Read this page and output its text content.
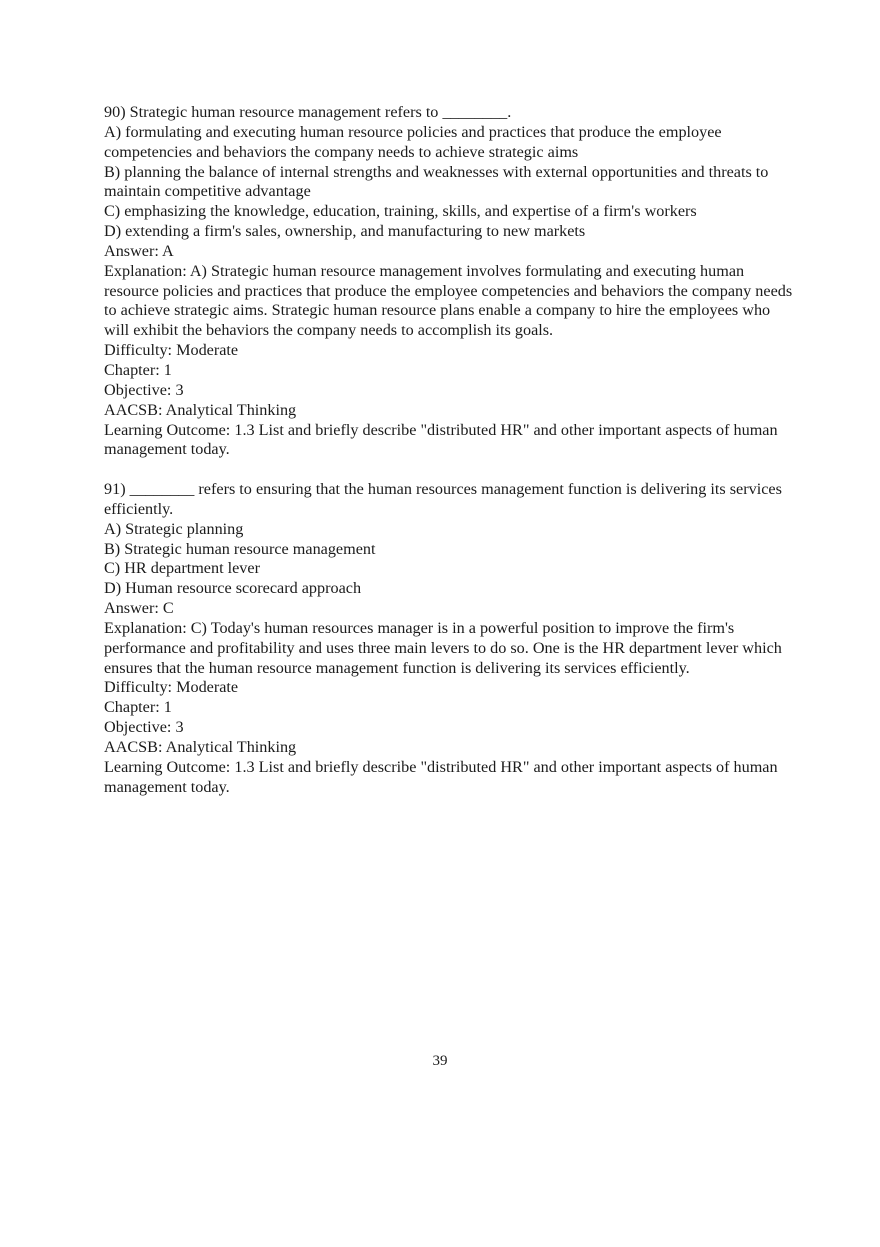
90) Strategic human resource management refers to ________.

A) formulating and executing human resource policies and practices that produce the employee competencies and behaviors the company needs to achieve strategic aims

B) planning the balance of internal strengths and weaknesses with external opportunities and threats to maintain competitive advantage

C) emphasizing the knowledge, education, training, skills, and expertise of a firm's workers

D) extending a firm's sales, ownership, and manufacturing to new markets

Answer: A

Explanation: A) Strategic human resource management involves formulating and executing human resource policies and practices that produce the employee competencies and behaviors the company needs to achieve strategic aims. Strategic human resource plans enable a company to hire the employees who will exhibit the behaviors the company needs to accomplish its goals.

Difficulty: Moderate

Chapter: 1

Objective: 3

AACSB: Analytical Thinking

Learning Outcome: 1.3 List and briefly describe "distributed HR" and other important aspects of human management today.

91) ________ refers to ensuring that the human resources management function is delivering its services efficiently.

A) Strategic planning

B) Strategic human resource management

C) HR department lever

D) Human resource scorecard approach

Answer: C

Explanation: C) Today's human resources manager is in a powerful position to improve the firm's performance and profitability and uses three main levers to do so. One is the HR department lever which ensures that the human resource management function is delivering its services efficiently.

Difficulty: Moderate

Chapter: 1

Objective: 3

AACSB: Analytical Thinking

Learning Outcome: 1.3 List and briefly describe "distributed HR" and other important aspects of human management today.

39
